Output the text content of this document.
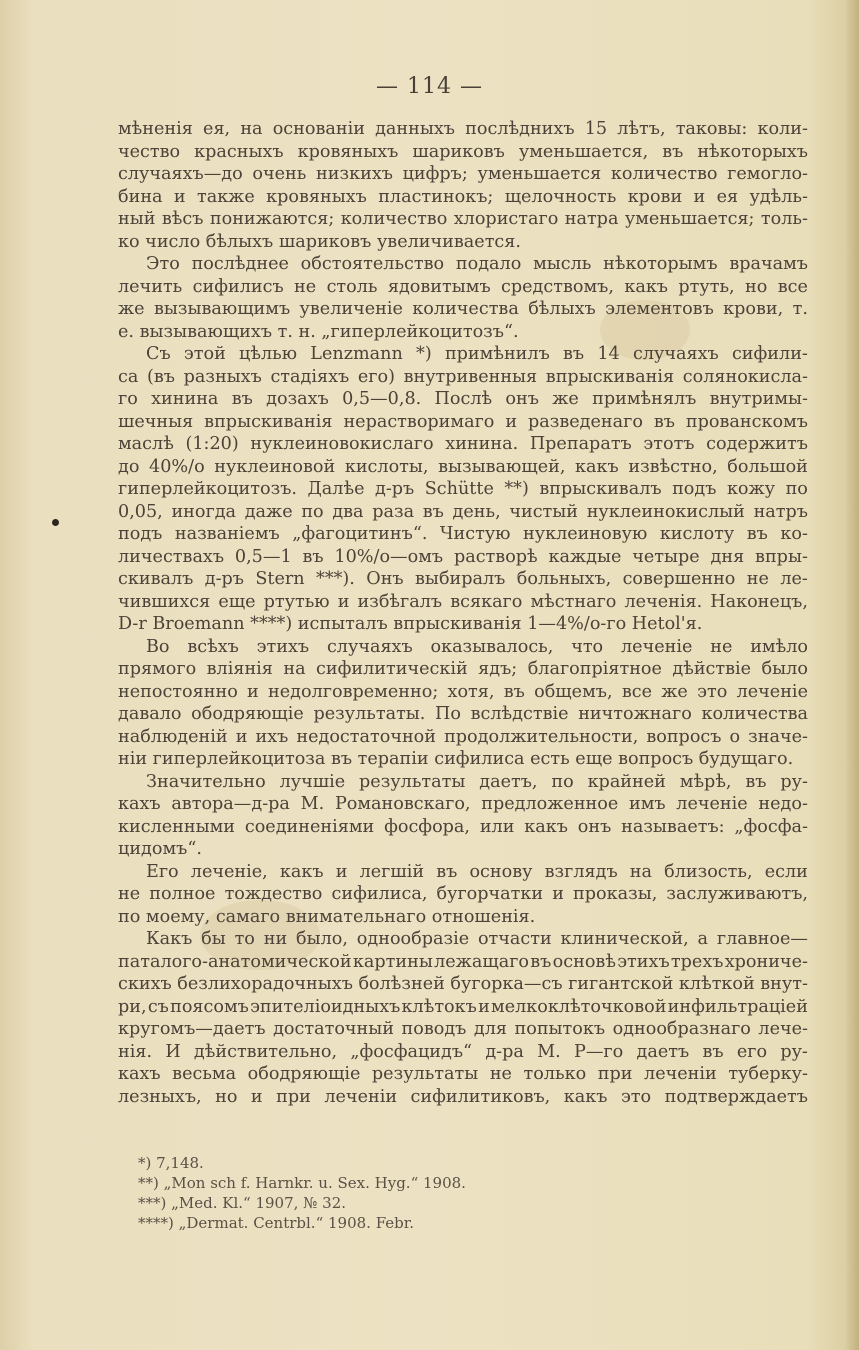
— 114 —
мѣненія ея, на основаніи данныхъ послѣднихъ 15 лѣтъ, таковы: коли-
чество красныхъ кровяныхъ шариковъ уменьшается, въ нѣкоторыхъ
случаяхъ—до очень низкихъ цифръ; уменьшается количество гемогло-
бина и также кровяныхъ пластинокъ; щелочность крови и ея удѣль-
ный вѣсъ понижаются; количество хлористаго натра уменьшается; толь-
ко число бѣлыхъ шариковъ увеличивается.
Это послѣднее обстоятельство подало мысль нѣкоторымъ врачамъ
лечить сифилисъ не столь ядовитымъ средствомъ, какъ ртуть, но все
же вызывающимъ увеличеніе количества бѣлыхъ элементовъ крови, т.
е. вызывающихъ т. н. „гиперлейкоцитозъ“.
Съ этой цѣлью Lenzmann *) примѣнилъ въ 14 случаяхъ сифили-
са (въ разныхъ стадіяхъ его) внутривенныя впрыскиванія солянокисла-
го хинина въ дозахъ 0,5—0,8. Послѣ онъ же примѣнялъ внутримы-
шечныя впрыскиванія нерастворимаго и разведенаго въ прованскомъ
маслѣ (1:20) нуклеиновокислаго хинина. Препаратъ этотъ содержитъ
до 40%/о нуклеиновой кислоты, вызывающей, какъ извѣстно, большой
гиперлейкоцитозъ. Далѣе д-ръ Schütte **) впрыскивалъ подъ кожу по
0,05, иногда даже по два раза въ день, чистый нуклеинокислый натръ
подъ названіемъ „фагоцитинъ“. Чистую нуклеиновую кислоту въ ко-
личествахъ 0,5—1 въ 10%/о—омъ растворѣ каждые четыре дня впры-
скивалъ д-ръ Stern ***). Онъ выбиралъ больныхъ, совершенно не ле-
чившихся еще ртутью и избѣгалъ всякаго мѣстнаго леченія. Наконецъ,
D-r Broemann ****) испыталъ впрыскиванія 1—4%/о-го Hetol'я.
Во всѣхъ этихъ случаяхъ оказывалось, что леченіе не имѣло
прямого вліянія на сифилитическій ядъ; благопріятное дѣйствіе было
непостоянно и недолговременно; хотя, въ общемъ, все же это леченіе
давало ободряющіе результаты. По вслѣдствіе ничтожнаго количества
наблюденій и ихъ недостаточной продолжительности, вопросъ о значе-
ніи гиперлейкоцитоза въ терапіи сифилиса есть еще вопросъ будущаго.
Значительно лучшіе результаты даетъ, по крайней мѣрѣ, въ ру-
кахъ автора—д-ра М. Романовскаго, предложенное имъ леченіе недо-
кисленными соединеніями фосфора, или какъ онъ называетъ: „фосфа-
цидомъ“.
Его леченіе, какъ и легшій въ основу взглядъ на близость, если
не полное тождество сифилиса, бугорчатки и проказы, заслуживаютъ,
по моему, самаго внимательнаго отношенія.
Какъ бы то ни было, однообразіе отчасти клинической, а главное—
паталого-анатомической картины лежащаго въ основѣ этихъ трехъ хрониче-
скихъ безлихорадочныхъ болѣзней бугорка—съ гигантской клѣткой внут-
ри, съ поясомъ эпителіоидныхъ клѣтокъ и мелкоклѣточковой инфильтраціей
кругомъ—даетъ достаточный поводъ для попытокъ однообразнаго лече-
нія. И дѣйствительно, „фосфацидъ“ д-ра М. Р—го даетъ въ его ру-
кахъ весьма ободряющіе результаты не только при леченіи туберку-
лезныхъ, но и при леченіи сифилитиковъ, какъ это подтверждаетъ
*) 7,148.
**) „Mon sch f. Harnkr. u. Sex. Hyg.“ 1908.
***) „Med. Kl.“ 1907, № 32.
****) „Dermat. Centrbl.“ 1908. Febr.
